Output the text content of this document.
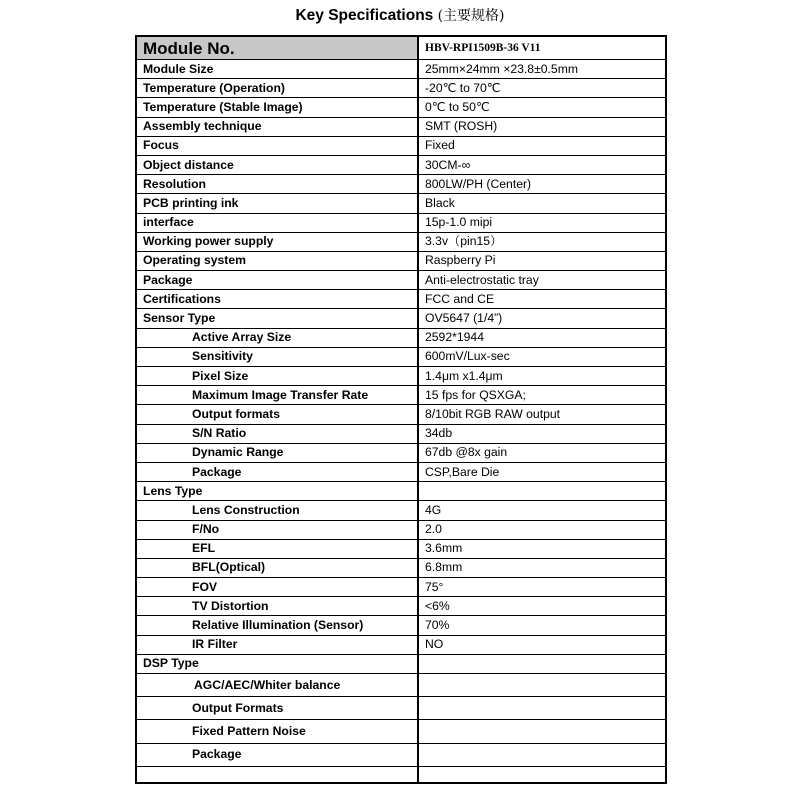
Key Specifications (主要规格)
Module No.	HBV-RPI1509B-36 V11
Module Size	25mm×24mm ×23.8±0.5mm
Temperature (Operation)	-20℃ to 70℃
Temperature (Stable Image)	0℃ to 50℃
Assembly technique	SMT (ROSH)
Focus	Fixed
Object distance	30CM-∞
Resolution	800LW/PH (Center)
PCB printing ink	Black
interface	15p-1.0 mipi
Working power supply	3.3v（pin15）
Operating system	Raspberry Pi
Package	Anti-electrostatic tray
Certifications	FCC and CE
Sensor Type	OV5647 (1/4”)
Active Array Size	2592*1944
Sensitivity	600mV/Lux-sec
Pixel Size	1.4μm x1.4μm
Maximum Image Transfer Rate	15 fps for QSXGA;
Output formats	8/10bit RGB RAW output
S/N Ratio	34db
Dynamic Range	67db @8x gain
Package	CSP,Bare Die
Lens Type	
Lens Construction	4G
F/No	2.0
EFL	3.6mm
BFL(Optical)	6.8mm
FOV	75°
TV Distortion	<6%
Relative Illumination (Sensor)	70%
IR Filter	NO
DSP Type	
AGC/AEC/Whiter balance	
Output Formats	
Fixed Pattern Noise	
Package	
